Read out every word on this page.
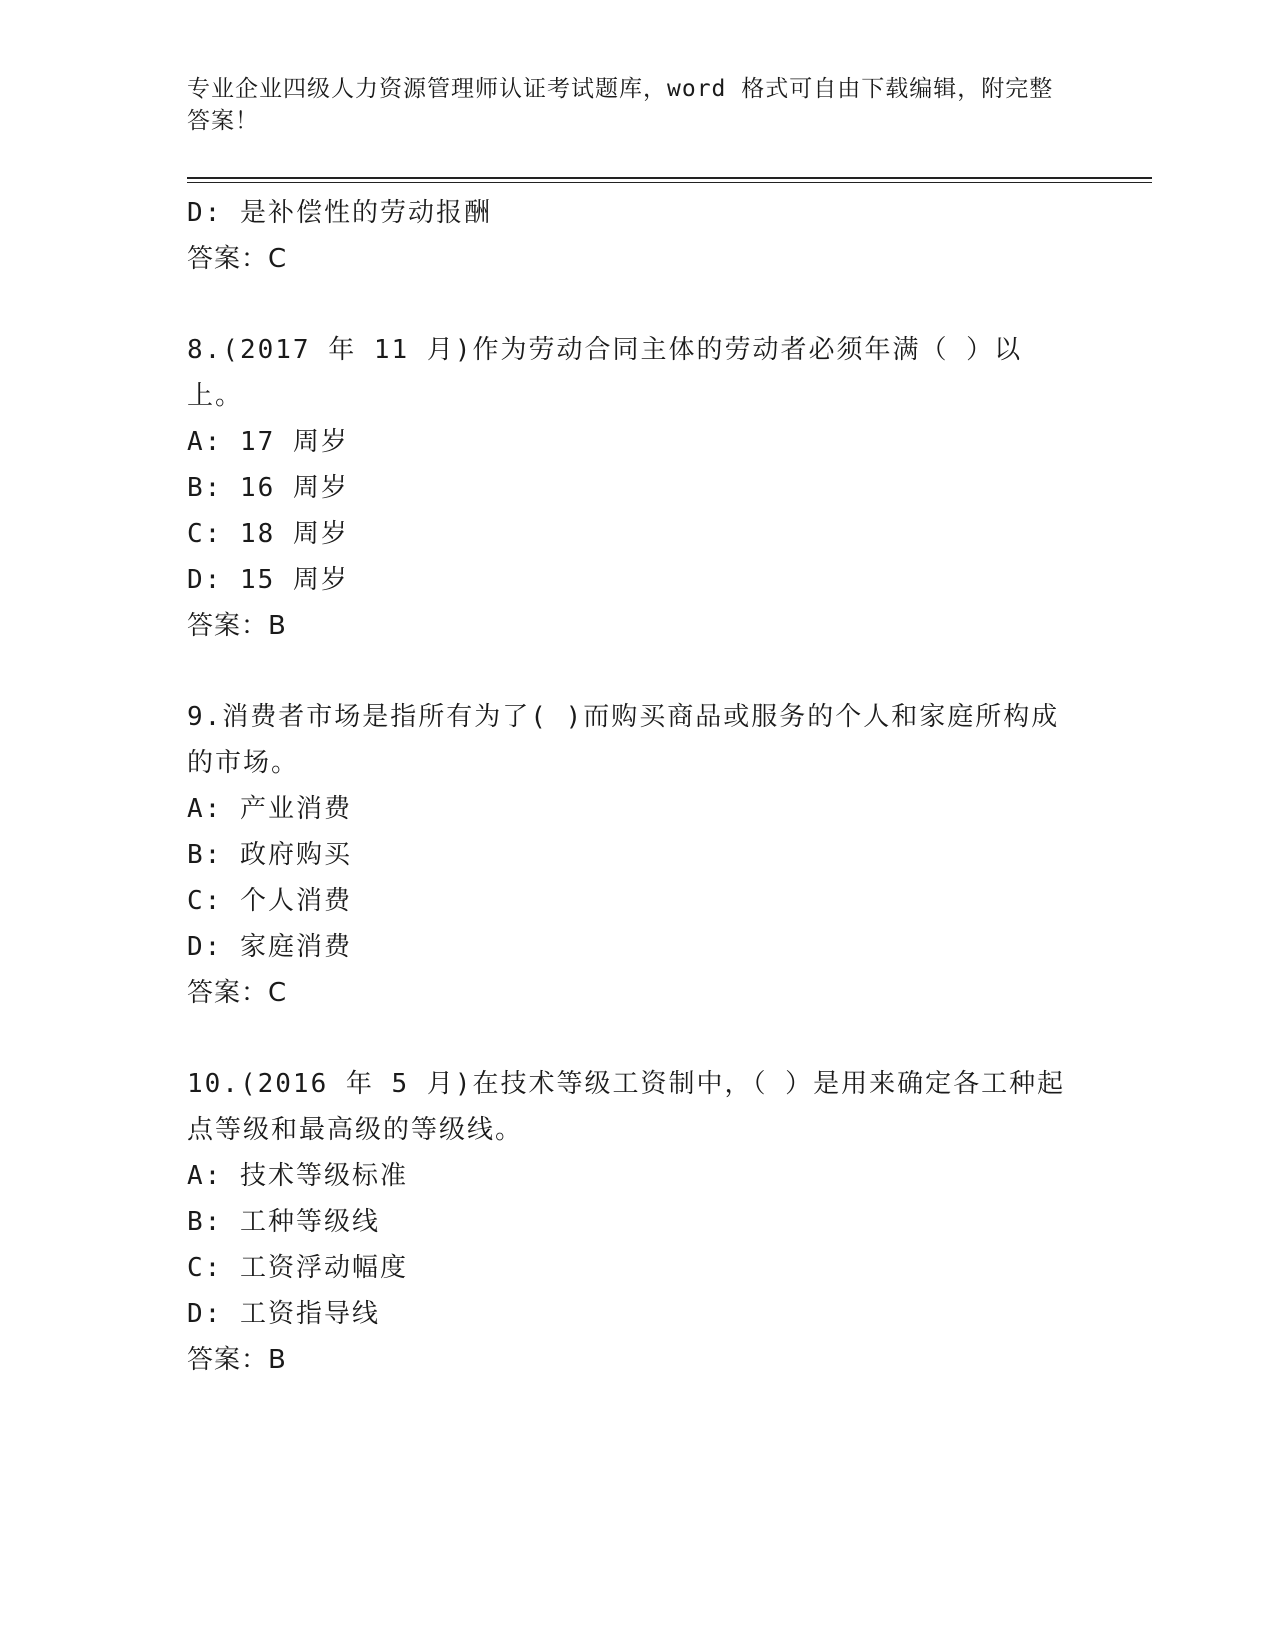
专业企业四级人力资源管理师认证考试题库，word 格式可自由下载编辑，附完整答案！
D: 是补偿性的劳动报酬
答案：C
8.(2017 年 11 月)作为劳动合同主体的劳动者必须年满（ ）以上。
A: 17 周岁
B: 16 周岁
C: 18 周岁
D: 15 周岁
答案：B
9.消费者市场是指所有为了( )而购买商品或服务的个人和家庭所构成的市场。
A: 产业消费
B: 政府购买
C: 个人消费
D: 家庭消费
答案：C
10.(2016 年 5 月)在技术等级工资制中，（ ）是用来确定各工种起点等级和最高级的等级线。
A: 技术等级标准
B: 工种等级线
C: 工资浮动幅度
D: 工资指导线
答案：B
